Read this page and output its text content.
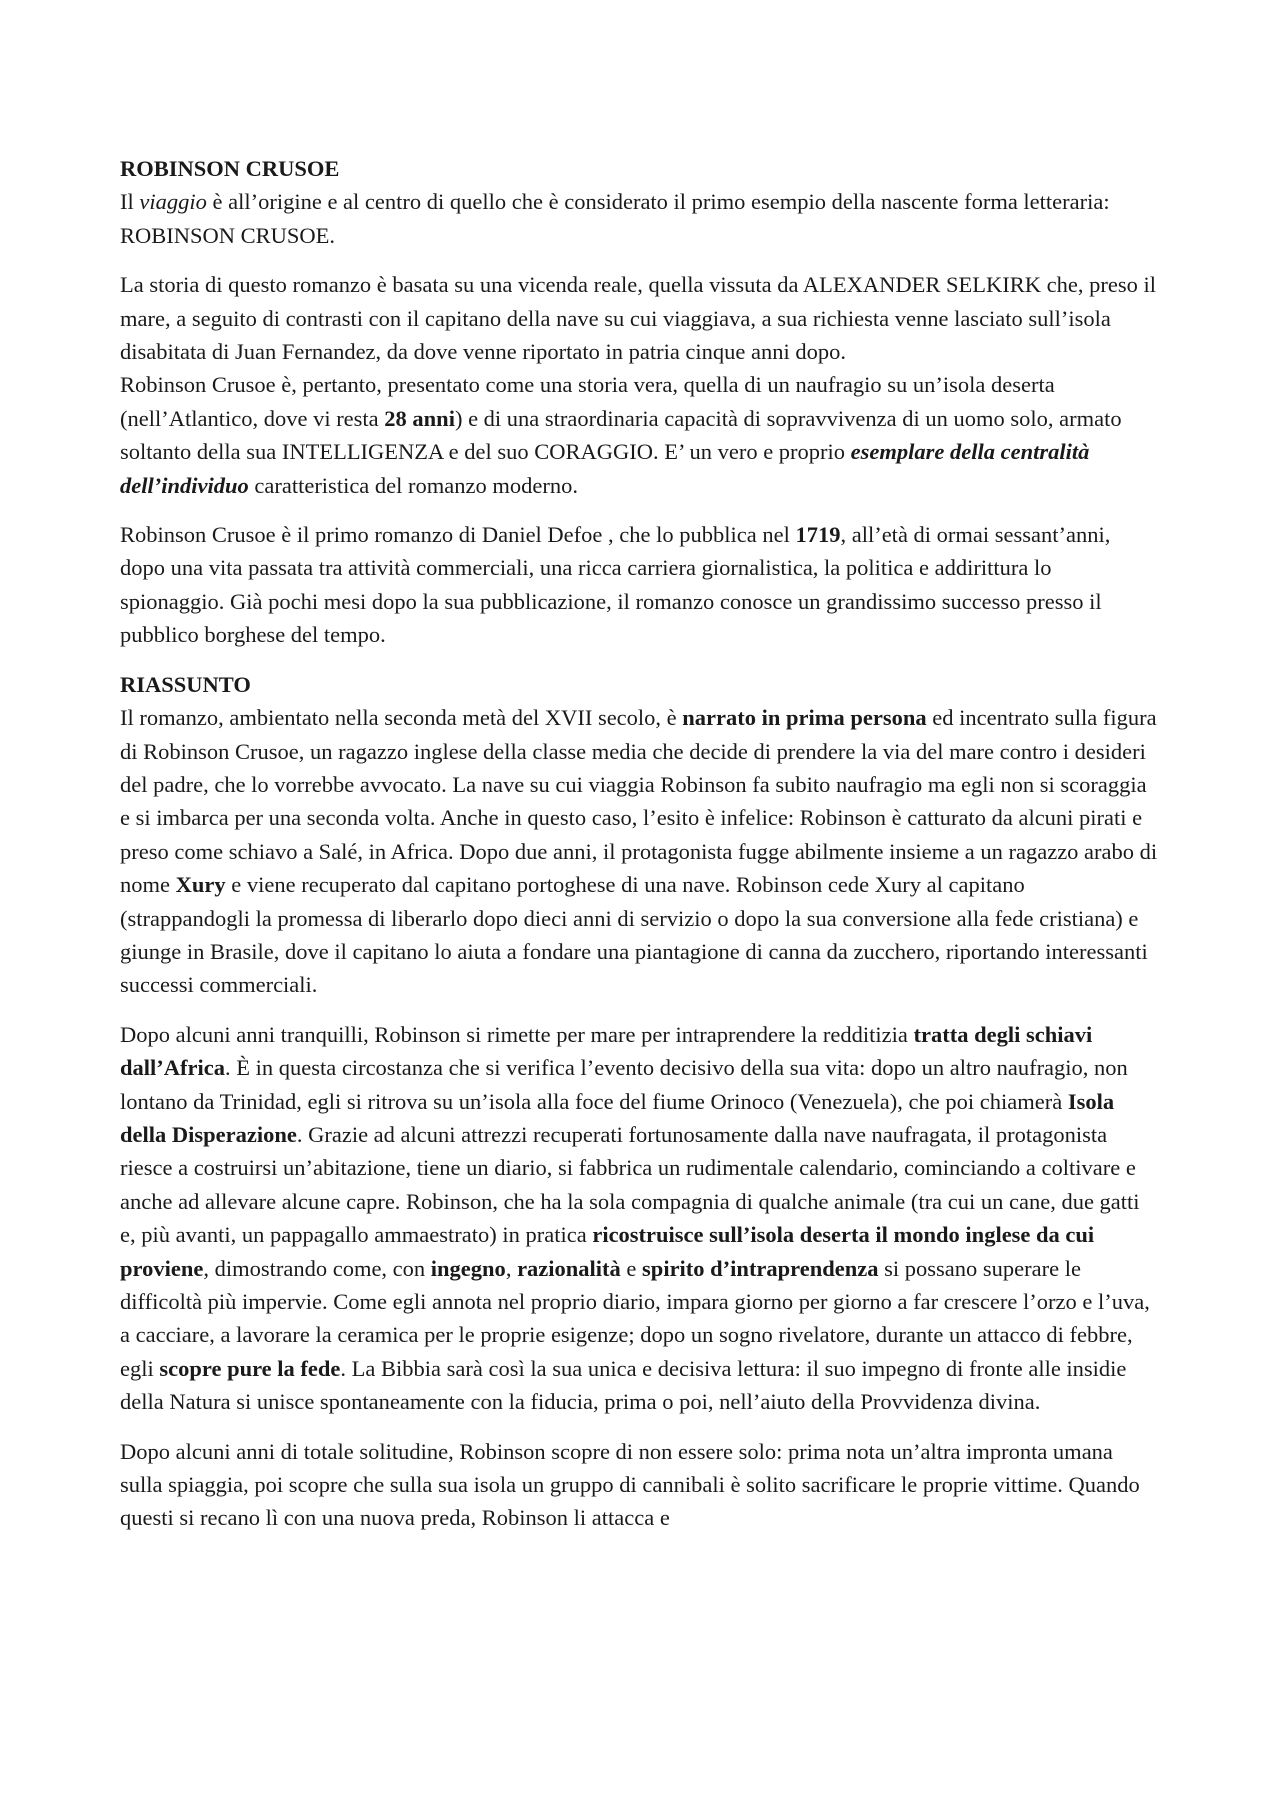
ROBINSON CRUSOE

Il viaggio è all’origine e al centro di quello che è considerato il primo esempio della nascente forma letteraria: ROBINSON CRUSOE.

La storia di questo romanzo è basata su una vicenda reale, quella vissuta da ALEXANDER SELKIRK che, preso il mare, a seguito di contrasti con il capitano della nave su cui viaggiava, a sua richiesta venne lasciato sull’isola disabitata di Juan Fernandez, da dove venne riportato in patria cinque anni dopo.

Robinson Crusoe è, pertanto, presentato come una storia vera, quella di un naufragio su un’isola deserta (nell’Atlantico, dove vi resta 28 anni) e di una straordinaria capacità di sopravvivenza di un uomo solo, armato soltanto della sua INTELLIGENZA e del suo CORAGGIO. E’ un vero e proprio esemplare della centralità dell’individuo caratteristica del romanzo moderno.

Robinson Crusoe è il primo romanzo di Daniel Defoe , che lo pubblica nel 1719, all’età di ormai sessant’anni, dopo una vita passata tra attività commerciali, una ricca carriera giornalistica, la politica e addirittura lo spionaggio. Già pochi mesi dopo la sua pubblicazione, il romanzo conosce un grandissimo successo presso il pubblico borghese del tempo.

RIASSUNTO

Il romanzo, ambientato nella seconda metà del XVII secolo, è narrato in prima persona ed incentrato sulla figura di Robinson Crusoe, un ragazzo inglese della classe media che decide di prendere la via del mare contro i desideri del padre, che lo vorrebbe avvocato. La nave su cui viaggia Robinson fa subito naufragio ma egli non si scoraggia e si imbarca per una seconda volta. Anche in questo caso, l’esito è infelice: Robinson è catturato da alcuni pirati e preso come schiavo a Salé, in Africa. Dopo due anni, il protagonista fugge abilmente insieme a un ragazzo arabo di nome Xury e viene recuperato dal capitano portoghese di una nave. Robinson cede Xury al capitano (strappandogli la promessa di liberarlo dopo dieci anni di servizio o dopo la sua conversione alla fede cristiana) e giunge in Brasile, dove il capitano lo aiuta a fondare una piantagione di canna da zucchero, riportando interessanti successi commerciali.

Dopo alcuni anni tranquilli, Robinson si rimette per mare per intraprendere la redditizia tratta degli schiavi dall’Africa. È in questa circostanza che si verifica l’evento decisivo della sua vita: dopo un altro naufragio, non lontano da Trinidad, egli si ritrova su un’isola alla foce del fiume Orinoco (Venezuela), che poi chiamerà Isola della Disperazione. Grazie ad alcuni attrezzi recuperati fortunosamente dalla nave naufragata, il protagonista riesce a costruirsi un’abitazione, tiene un diario, si fabbrica un rudimentale calendario, cominciando a coltivare e anche ad allevare alcune capre. Robinson, che ha la sola compagnia di qualche animale (tra cui un cane, due gatti e, più avanti, un pappagallo ammaestrato) in pratica ricostruisce sull’isola deserta il mondo inglese da cui proviene, dimostrando come, con ingegno, razionalità e spirito d’intraprendenza si possano superare le difficoltà più impervie. Come egli annota nel proprio diario, impara giorno per giorno a far crescere l’orzo e l’uva, a cacciare, a lavorare la ceramica per le proprie esigenze; dopo un sogno rivelatore, durante un attacco di febbre, egli scopre pure la fede. La Bibbia sarà così la sua unica e decisiva lettura: il suo impegno di fronte alle insidie della Natura si unisce spontaneamente con la fiducia, prima o poi, nell’aiuto della Provvidenza divina.

Dopo alcuni anni di totale solitudine, Robinson scopre di non essere solo: prima nota un’altra impronta umana sulla spiaggia, poi scopre che sulla sua isola un gruppo di cannibali è solito sacrificare le proprie vittime. Quando questi si recano lì con una nuova preda, Robinson li attacca e
